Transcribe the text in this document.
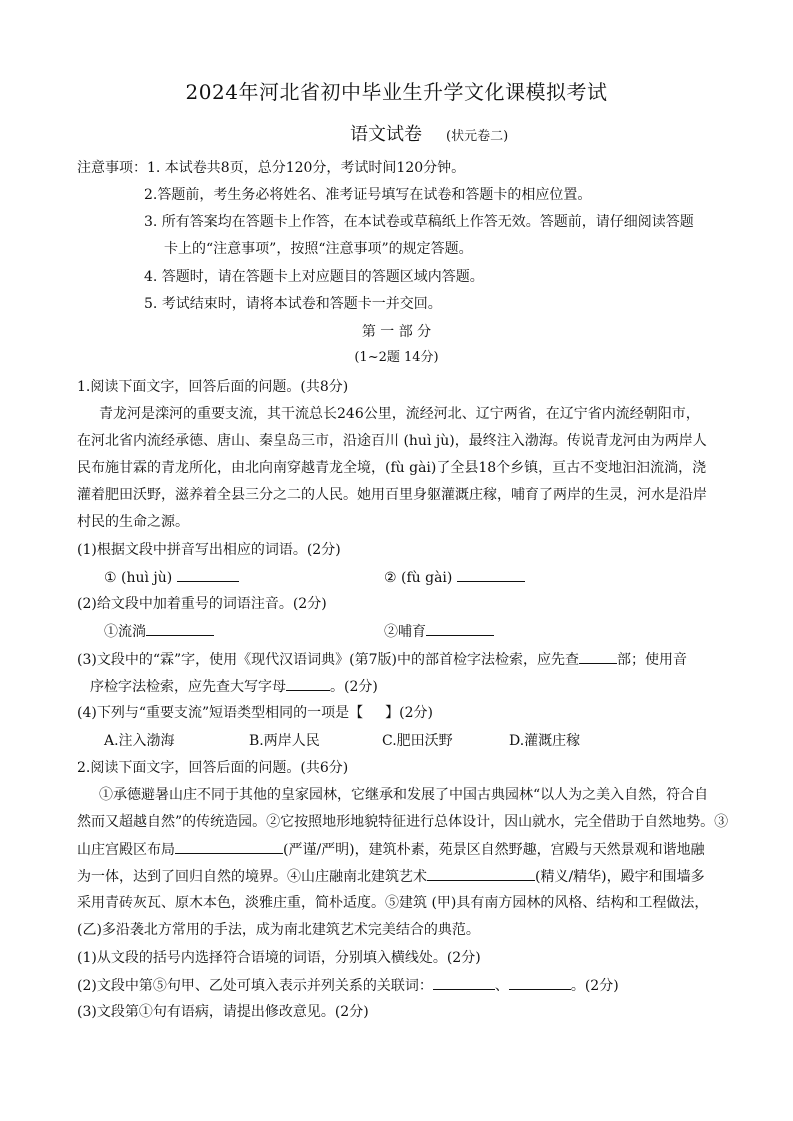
2024年河北省初中毕业生升学文化课模拟考试
语文试卷 (状元卷二)
注意事项：1. 本试卷共8页，总分120分，考试时间120分钟。
2.答题前，考生务必将姓名、准考证号填写在试卷和答题卡的相应位置。
3. 所有答案均在答题卡上作答，在本试卷或草稿纸上作答无效。答题前，请仔细阅读答题
卡上的“注意事项”，按照“注意事项”的规定答题。
4. 答题时，请在答题卡上对应题目的答题区域内答题。
5. 考试结束时，请将本试卷和答题卡一并交回。
第 一 部 分
(1~2题 14分)
1.阅读下面文字，回答后面的问题。(共8分)
青龙河是滦河的重要支流，其干流总长246公里，流经河北、辽宁两省，在辽宁省内流经朝阳市，
在河北省内流经承德、唐山、秦皇岛三市，沿途百川 (huì jù)，最终注入渤海。传说青龙河由为两岸人
民布施甘霖的青龙所化，由北向南穿越青龙全境，(fù gài)了全县18个乡镇，亘古不变地汩汩流淌，浇
灌着肥田沃野，滋养着全县三分之二的人民。她用百里身躯灌溉庄稼，哺育了两岸的生灵，河水是沿岸
村民的生命之源。
(1)根据文段中拼音写出相应的词语。(2分)
① (huì jù)	② (fù gài)
(2)给文段中加着重号的词语注音。(2分)
①流淌	②哺育
(3)文段中的“霖”字，使用《现代汉语词典》(第7版)中的部首检字法检索，应先查	部；使用音
序检字法检索，应先查大写字母	。(2分)
(4)下列与“重要支流”短语类型相同的一项是【 】(2分)
A.注入渤海	B.两岸人民	C.肥田沃野	D.灌溉庄稼
2.阅读下面文字，回答后面的问题。(共6分)
①承德避暑山庄不同于其他的皇家园林，它继承和发展了中国古典园林“以人为之美入自然，符合自
然而又超越自然”的传统造园。②它按照地形地貌特征进行总体设计，因山就水，完全借助于自然地势。③
山庄宫殿区布局	(严谨/严明)，建筑朴素，苑景区自然野趣，宫殿与天然景观和谐地融
为一体，达到了回归自然的境界。④山庄融南北建筑艺术	(精义/精华)，殿宇和围墙多
采用青砖灰瓦、原木本色，淡雅庄重，简朴适度。⑤建筑 (甲)具有南方园林的风格、结构和工程做法，
(乙)多沿袭北方常用的手法，成为南北建筑艺术完美结合的典范。
(1)从文段的括号内选择符合语境的词语，分别填入横线处。(2分)
(2)文段中第⑤句甲、乙处可填入表示并列关系的关联词：	、	。(2分)
(3)文段第①句有语病，请提出修改意见。(2分)
